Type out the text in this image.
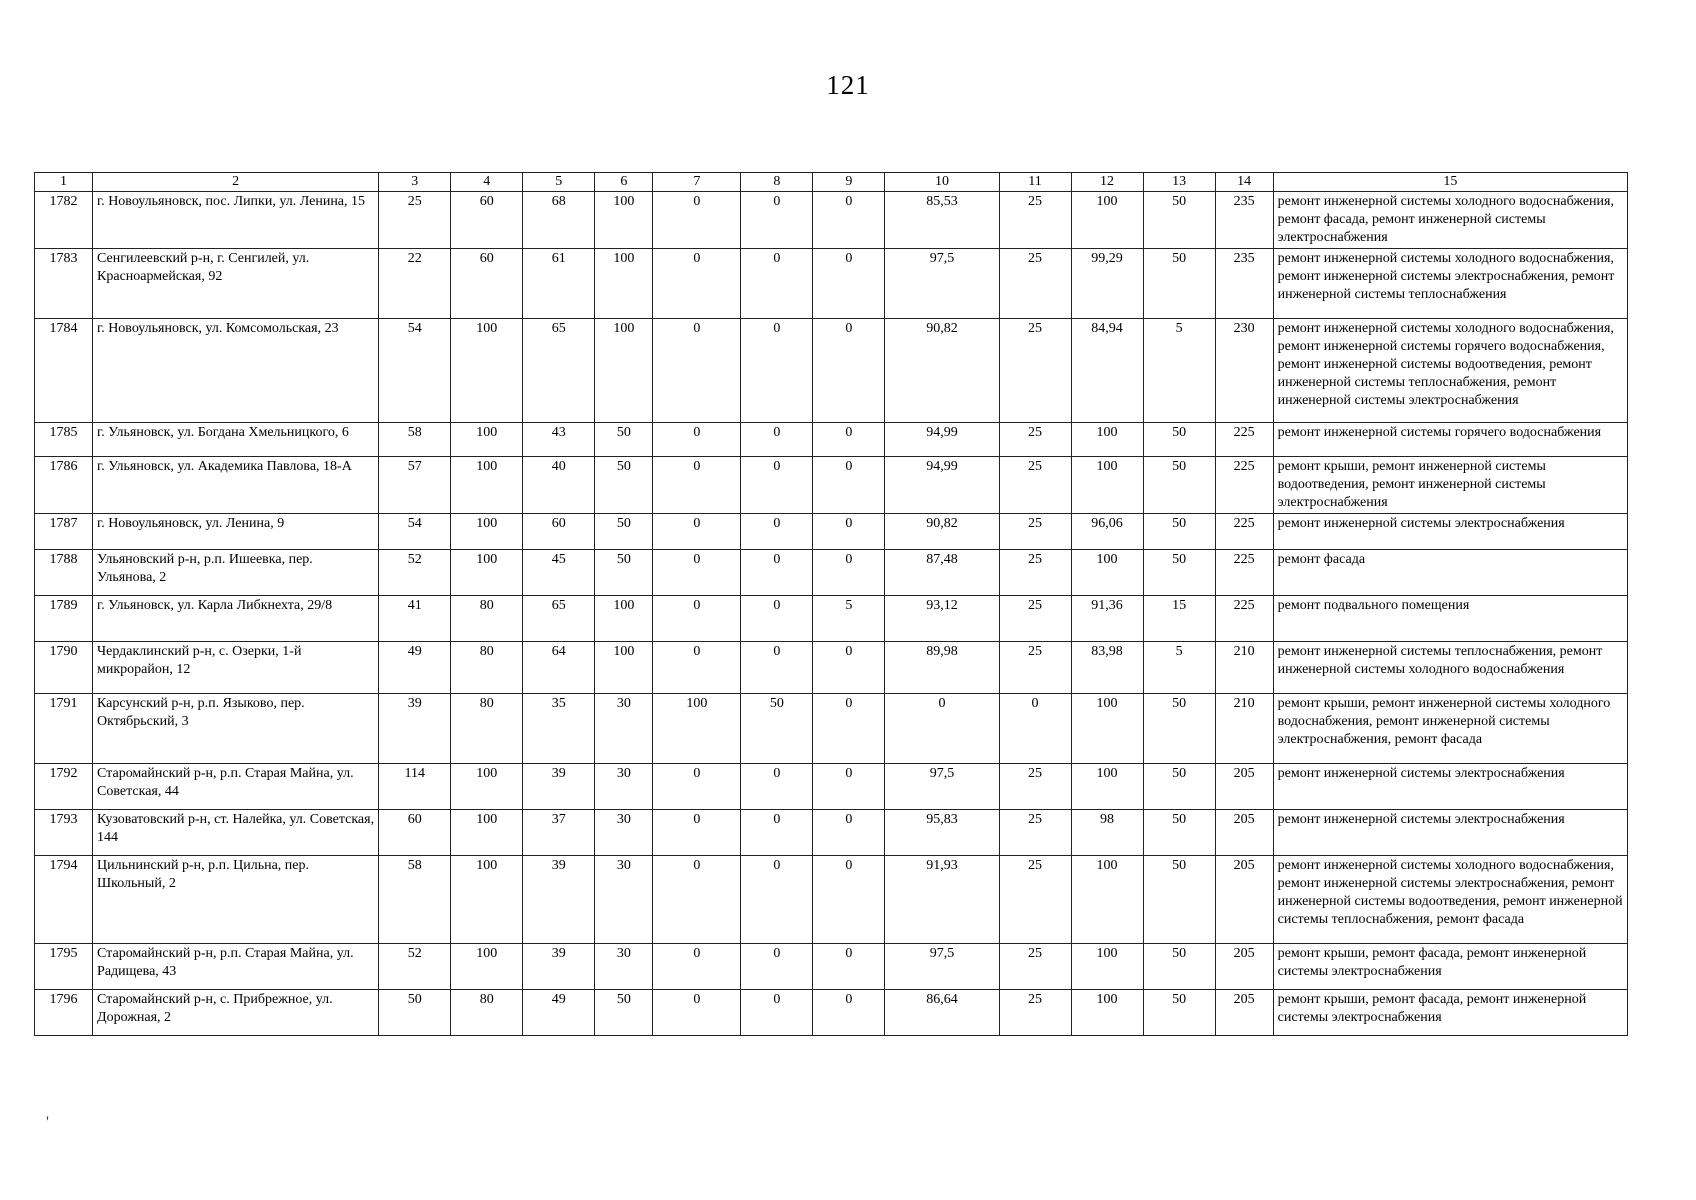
121
1	2	3	4	5	6	7	8	9	10	11	12	13	14	15
1782	г. Новоульяновск, пос. Липки, ул. Ленина, 15	25	60	68	100	0	0	0	85,53	25	100	50	235	ремонт инженерной системы холодного водоснабжения, ремонт фасада, ремонт инженерной системы электроснабжения
1783	Сенгилеевский р-н, г. Сенгилей, ул. Красноармейская, 92	22	60	61	100	0	0	0	97,5	25	99,29	50	235	ремонт инженерной системы холодного водоснабжения, ремонт инженерной системы электроснабжения, ремонт инженерной системы теплоснабжения
1784	г. Новоульяновск, ул. Комсомольская, 23	54	100	65	100	0	0	0	90,82	25	84,94	5	230	ремонт инженерной системы холодного водоснабжения, ремонт инженерной системы горячего водоснабжения, ремонт инженерной системы водоотведения, ремонт инженерной системы теплоснабжения, ремонт инженерной системы электроснабжения
1785	г. Ульяновск, ул. Богдана Хмельницкого, 6	58	100	43	50	0	0	0	94,99	25	100	50	225	ремонт инженерной системы горячего водоснабжения
1786	г. Ульяновск, ул. Академика Павлова, 18-А	57	100	40	50	0	0	0	94,99	25	100	50	225	ремонт крыши, ремонт инженерной системы водоотведения, ремонт инженерной системы электроснабжения
1787	г. Новоульяновск, ул. Ленина, 9	54	100	60	50	0	0	0	90,82	25	96,06	50	225	ремонт инженерной системы электроснабжения
1788	Ульяновский р-н, р.п. Ишеевка, пер. Ульянова, 2	52	100	45	50	0	0	0	87,48	25	100	50	225	ремонт фасада
1789	г. Ульяновск, ул. Карла Либкнехта, 29/8	41	80	65	100	0	0	5	93,12	25	91,36	15	225	ремонт подвального помещения
1790	Чердаклинский р-н, с. Озерки, 1-й микрорайон, 12	49	80	64	100	0	0	0	89,98	25	83,98	5	210	ремонт инженерной системы теплоснабжения, ремонт инженерной системы холодного водоснабжения
1791	Карсунский р-н, р.п. Языково, пер. Октябрьский, 3	39	80	35	30	100	50	0	0	0	100	50	210	ремонт крыши, ремонт инженерной системы холодного водоснабжения, ремонт инженерной системы электроснабжения, ремонт фасада
1792	Старомайнский р-н, р.п. Старая Майна, ул. Советская, 44	114	100	39	30	0	0	0	97,5	25	100	50	205	ремонт инженерной системы электроснабжения
1793	Кузоватовский р-н, ст. Налейка, ул. Советская, 144	60	100	37	30	0	0	0	95,83	25	98	50	205	ремонт инженерной системы электроснабжения
1794	Цильнинский р-н, р.п. Цильна, пер. Школьный, 2	58	100	39	30	0	0	0	91,93	25	100	50	205	ремонт инженерной системы холодного водоснабжения, ремонт инженерной системы электроснабжения, ремонт инженерной системы водоотведения, ремонт инженерной системы теплоснабжения, ремонт фасада
1795	Старомайнский р-н, р.п. Старая Майна, ул. Радищева, 43	52	100	39	30	0	0	0	97,5	25	100	50	205	ремонт крыши, ремонт фасада, ремонт инженерной системы электроснабжения
1796	Старомайнский р-н, с. Прибрежное, ул. Дорожная, 2	50	80	49	50	0	0	0	86,64	25	100	50	205	ремонт крыши, ремонт фасада, ремонт инженерной системы электроснабжения
'
